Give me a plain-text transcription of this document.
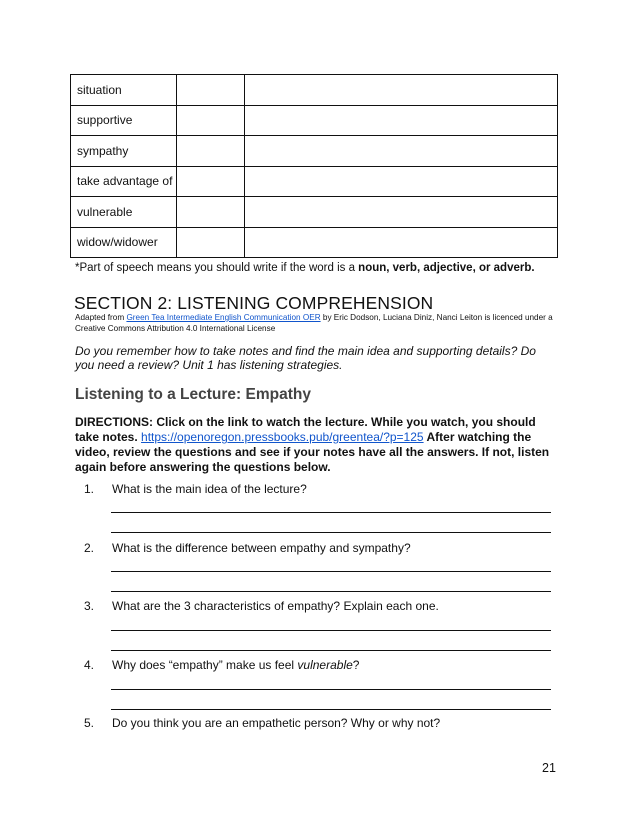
situation		
supportive		
sympathy		
take advantage of		
vulnerable		
widow/widower		
*Part of speech means you should write if the word is a noun, verb, adjective, or adverb.
SECTION 2: LISTENING COMPREHENSION
Adapted from Green Tea Intermediate English Communication OER by Eric Dodson, Luciana Diniz, Nanci Leiton is licenced under a Creative Commons Attribution 4.0 International License
Do you remember how to take notes and find the main idea and supporting details? Do you need a review? Unit 1 has listening strategies.
Listening to a Lecture: Empathy
DIRECTIONS: Click on the link to watch the lecture. While you watch, you should take notes. https://openoregon.pressbooks.pub/greentea/?p=125 After watching the video, review the questions and see if your notes have all the answers. If not, listen again before answering the questions below.
1. What is the main idea of the lecture?
2. What is the difference between empathy and sympathy?
3. What are the 3 characteristics of empathy? Explain each one.
4. Why does “empathy” make us feel vulnerable?
5. Do you think you are an empathetic person? Why or why not?
21
